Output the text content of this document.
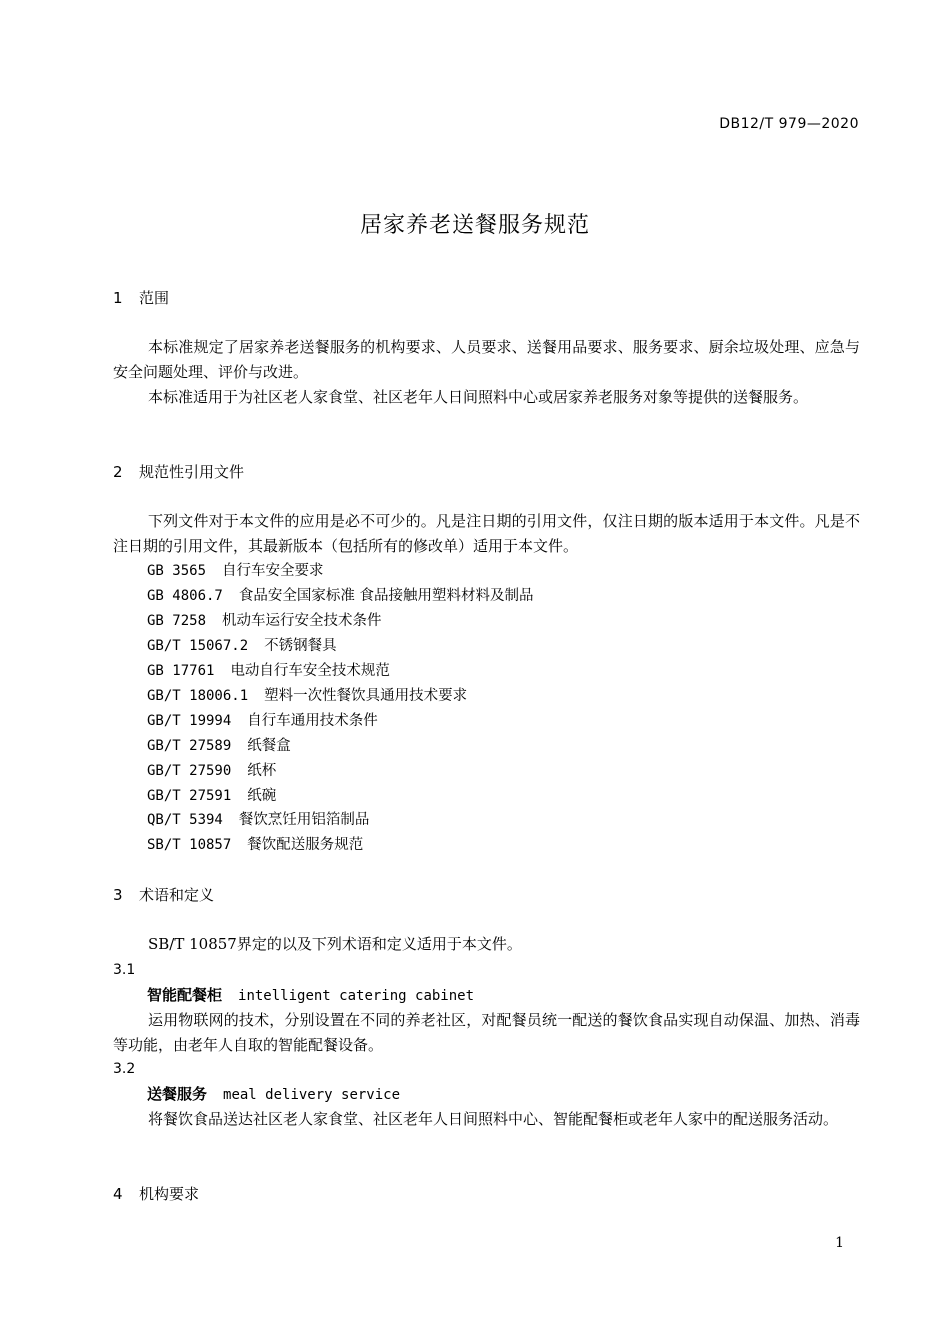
DB12/T 979—2020
居家养老送餐服务规范
1 范围

本标准规定了居家养老送餐服务的机构要求、人员要求、送餐用品要求、服务要求、厨余垃圾处理、应急与安全问题处理、评价与改进。

本标准适用于为社区老人家食堂、社区老年人日间照料中心或居家养老服务对象等提供的送餐服务。

2 规范性引用文件

下列文件对于本文件的应用是必不可少的。凡是注日期的引用文件，仅注日期的版本适用于本文件。凡是不注日期的引用文件，其最新版本（包括所有的修改单）适用于本文件。

GB 3565 自行车安全要求
GB 4806.7 食品安全国家标准 食品接触用塑料材料及制品
GB 7258 机动车运行安全技术条件
GB/T 15067.2 不锈钢餐具
GB 17761 电动自行车安全技术规范
GB/T 18006.1 塑料一次性餐饮具通用技术要求
GB/T 19994 自行车通用技术条件
GB/T 27589 纸餐盒
GB/T 27590 纸杯
GB/T 27591 纸碗
QB/T 5394 餐饮烹饪用铝箔制品
SB/T 10857 餐饮配送服务规范
3 术语和定义

SB/T 10857界定的以及下列术语和定义适用于本文件。

3.1
智能配餐柜 intelligent catering cabinet

运用物联网的技术，分别设置在不同的养老社区，对配餐员统一配送的餐饮食品实现自动保温、加热、消毒等功能，由老年人自取的智能配餐设备。

3.2
送餐服务 meal delivery service

将餐饮食品送达社区老人家食堂、社区老年人日间照料中心、智能配餐柜或老年人家中的配送服务活动。

4 机构要求
1
